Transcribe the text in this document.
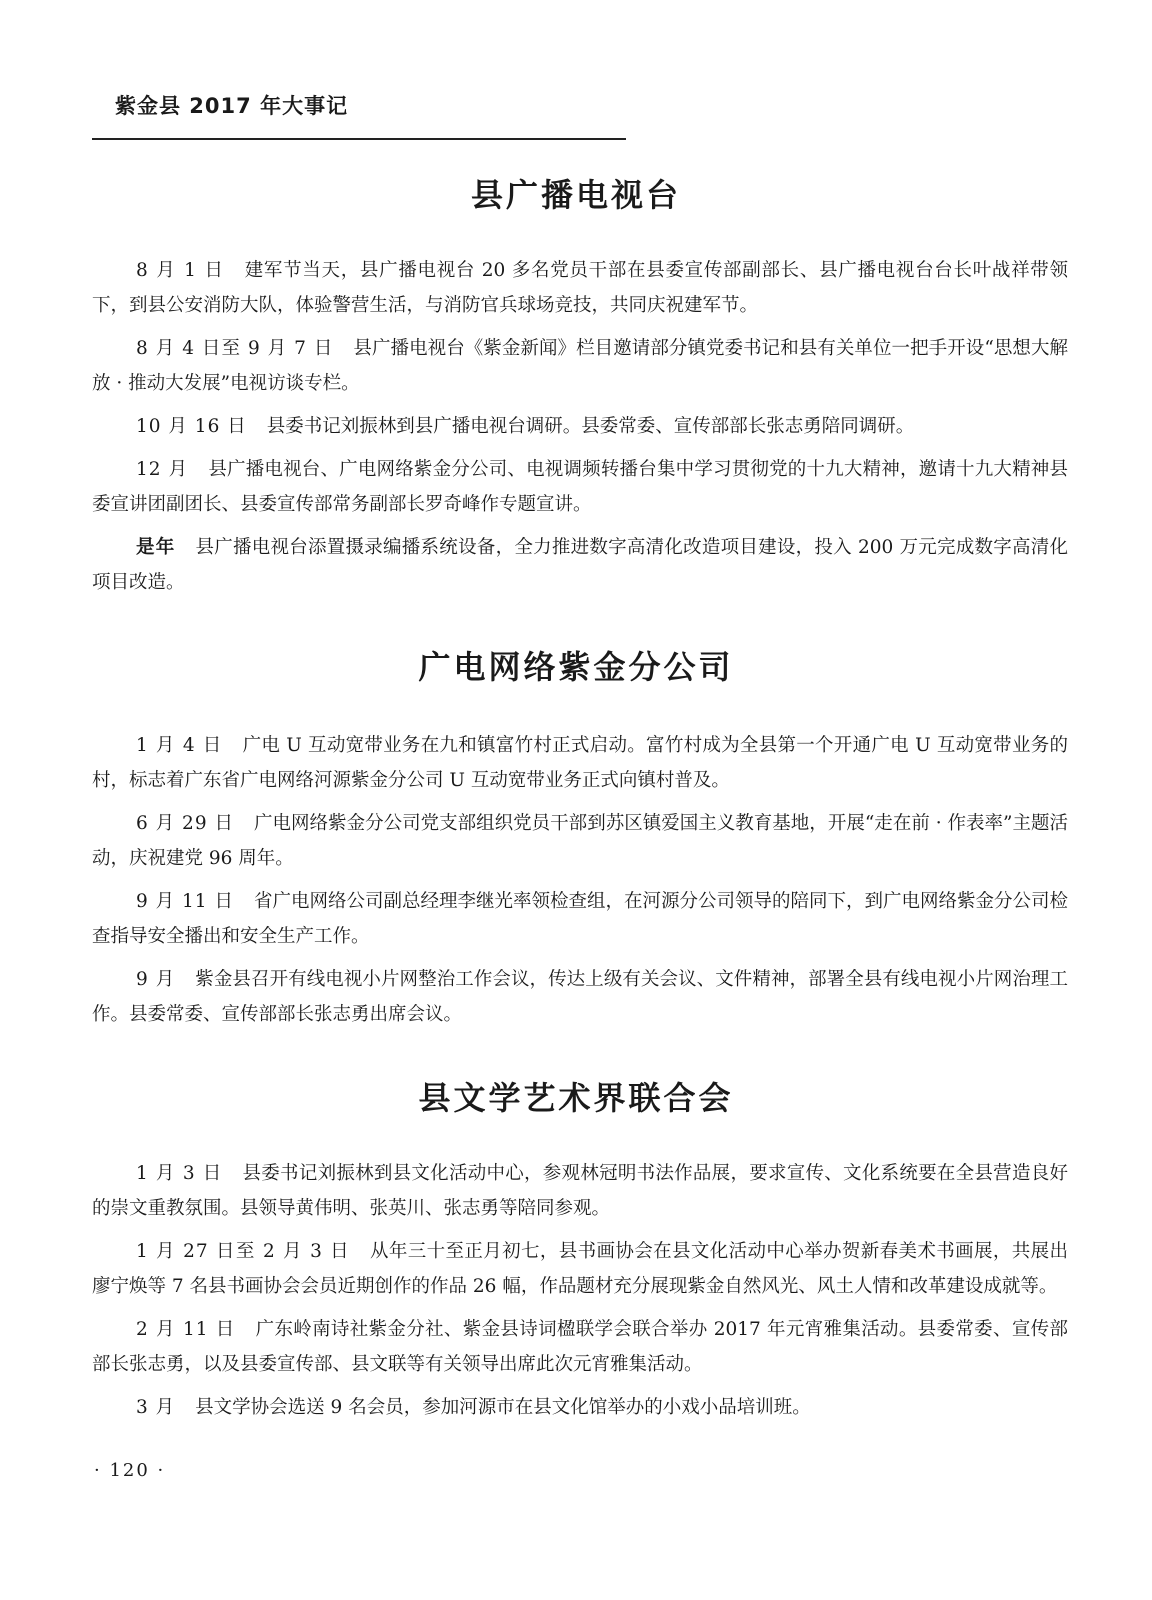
紫金县 2017 年大事记
县广播电视台

8 月 1 日 建军节当天，县广播电视台 20 多名党员干部在县委宣传部副部长、县广播电视台台长叶战祥带领下，到县公安消防大队，体验警营生活，与消防官兵球场竞技，共同庆祝建军节。

8 月 4 日至 9 月 7 日 县广播电视台《紫金新闻》栏目邀请部分镇党委书记和县有关单位一把手开设“思想大解放 · 推动大发展”电视访谈专栏。

10 月 16 日 县委书记刘振林到县广播电视台调研。县委常委、宣传部部长张志勇陪同调研。

12 月 县广播电视台、广电网络紫金分公司、电视调频转播台集中学习贯彻党的十九大精神，邀请十九大精神县委宣讲团副团长、县委宣传部常务副部长罗奇峰作专题宣讲。

是年 县广播电视台添置摄录编播系统设备，全力推进数字高清化改造项目建设，投入 200 万元完成数字高清化项目改造。

广电网络紫金分公司

1 月 4 日 广电 U 互动宽带业务在九和镇富竹村正式启动。富竹村成为全县第一个开通广电 U 互动宽带业务的村，标志着广东省广电网络河源紫金分公司 U 互动宽带业务正式向镇村普及。

6 月 29 日 广电网络紫金分公司党支部组织党员干部到苏区镇爱国主义教育基地，开展“走在前 · 作表率”主题活动，庆祝建党 96 周年。

9 月 11 日 省广电网络公司副总经理李继光率领检查组，在河源分公司领导的陪同下，到广电网络紫金分公司检查指导安全播出和安全生产工作。

9 月 紫金县召开有线电视小片网整治工作会议，传达上级有关会议、文件精神，部署全县有线电视小片网治理工作。县委常委、宣传部部长张志勇出席会议。

县文学艺术界联合会

1 月 3 日 县委书记刘振林到县文化活动中心，参观林冠明书法作品展，要求宣传、文化系统要在全县营造良好的崇文重教氛围。县领导黄伟明、张英川、张志勇等陪同参观。

1 月 27 日至 2 月 3 日 从年三十至正月初七，县书画协会在县文化活动中心举办贺新春美术书画展，共展出廖宁焕等 7 名县书画协会会员近期创作的作品 26 幅，作品题材充分展现紫金自然风光、风土人情和改革建设成就等。

2 月 11 日 广东岭南诗社紫金分社、紫金县诗词楹联学会联合举办 2017 年元宵雅集活动。县委常委、宣传部部长张志勇，以及县委宣传部、县文联等有关领导出席此次元宵雅集活动。

3 月 县文学协会选送 9 名会员，参加河源市在县文化馆举办的小戏小品培训班。

· 120 ·
